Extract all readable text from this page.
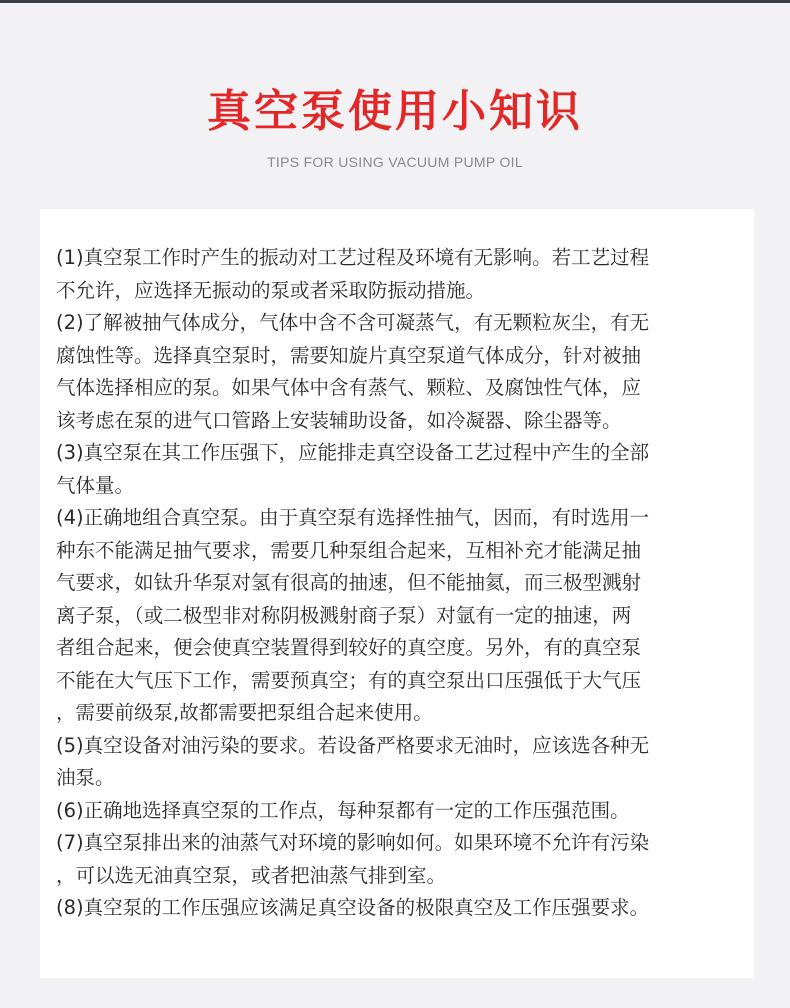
真空泵使用小知识
TIPS FOR USING VACUUM PUMP OIL
(1)真空泵工作时产生的振动对工艺过程及环境有无影响。若工艺过程
不允许，应选择无振动的泵或者采取防振动措施。
(2)了解被抽气体成分，气体中含不含可凝蒸气，有无颗粒灰尘，有无
腐蚀性等。选择真空泵时，需要知旋片真空泵道气体成分，针对被抽
气体选择相应的泵。如果气体中含有蒸气、颗粒、及腐蚀性气体，应
该考虑在泵的进气口管路上安装辅助设备，如冷凝器、除尘器等。
(3)真空泵在其工作压强下，应能排走真空设备工艺过程中产生的全部
气体量。
(4)正确地组合真空泵。由于真空泵有选择性抽气，因而，有时选用一
种东不能满足抽气要求，需要几种泵组合起来，互相补充才能满足抽
气要求，如钛升华泵对氢有很高的抽速，但不能抽氦，而三极型溅射
离子泵，（或二极型非对称阴极溅射商子泵）对氩有一定的抽速，两
者组合起来，便会使真空装置得到较好的真空度。另外，有的真空泵
不能在大气压下工作，需要预真空；有的真空泵出口压强低于大气压
，需要前级泵,故都需要把泵组合起来使用。
(5)真空设备对油污染的要求。若设备严格要求无油时，应该选各种无
油泵。
(6)正确地选择真空泵的工作点，每种泵都有一定的工作压强范围。
(7)真空泵排出来的油蒸气对环境的影响如何。如果环境不允许有污染
，可以选无油真空泵，或者把油蒸气排到室。
(8)真空泵的工作压强应该满足真空设备的极限真空及工作压强要求。
